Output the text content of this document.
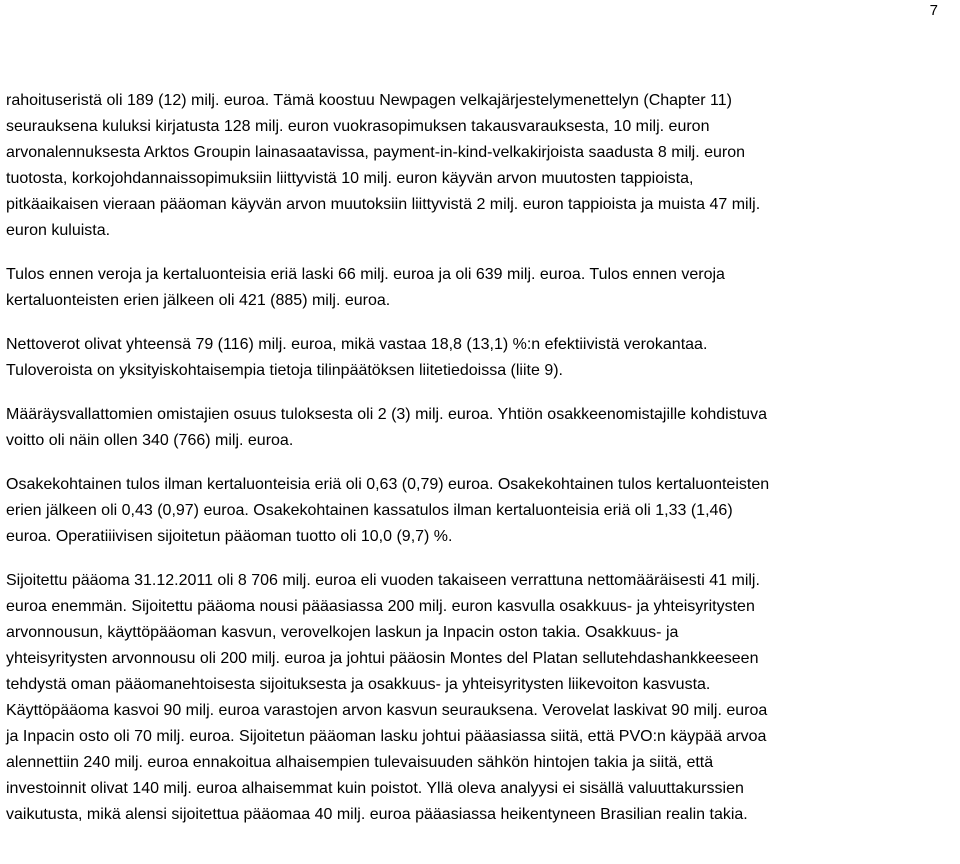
7

rahoituseristä oli 189 (12) milj. euroa. Tämä koostuu Newpagen velkajärjestelymenettelyn (Chapter 11)
seurauksena kuluksi kirjatusta 128 milj. euron vuokrasopimuksen takausvarauksesta, 10 milj. euron
arvonalennuksesta Arktos Groupin lainasaatavissa, payment-in-kind-velkakirjoista saadusta 8 milj. euron
tuotosta, korkojohdannaissopimuksiin liittyvistä 10 milj. euron käyvän arvon muutosten tappioista,
pitkäaikaisen vieraan pääoman käyvän arvon muutoksiin liittyvistä 2 milj. euron tappioista ja muista 47 milj.
euron kuluista.

Tulos ennen veroja ja kertaluonteisia eriä laski 66 milj. euroa ja oli 639 milj. euroa. Tulos ennen veroja
kertaluonteisten erien jälkeen oli 421 (885) milj. euroa.

Nettoverot olivat yhteensä 79 (116) milj. euroa, mikä vastaa 18,8 (13,1) %:n efektiivistä verokantaa.
Tuloveroista on yksityiskohtaisempia tietoja tilinpäätöksen liitetiedoissa (liite 9).

Määräysvallattomien omistajien osuus tuloksesta oli 2 (3) milj. euroa. Yhtiön osakkeenomistajille kohdistuva
voitto oli näin ollen 340 (766) milj. euroa.

Osakekohtainen tulos ilman kertaluonteisia eriä oli 0,63 (0,79) euroa. Osakekohtainen tulos kertaluonteisten
erien jälkeen oli 0,43 (0,97) euroa. Osakekohtainen kassatulos ilman kertaluonteisia eriä oli 1,33 (1,46)
euroa. Operatiiivisen sijoitetun pääoman tuotto oli 10,0 (9,7) %.

Sijoitettu pääoma 31.12.2011 oli 8 706 milj. euroa eli vuoden takaiseen verrattuna nettomääräisesti 41 milj.
euroa enemmän. Sijoitettu pääoma nousi pääasiassa 200 milj. euron kasvulla osakkuus- ja yhteisyritysten
arvonnousun, käyttöpääoman kasvun, verovelkojen laskun ja Inpacin oston takia. Osakkuus- ja
yhteisyritysten arvonnousu oli 200 milj. euroa ja johtui pääosin Montes del Platan sellutehdashankkeeseen
tehdystä oman pääomanehtoisesta sijoituksesta ja osakkuus- ja yhteisyritysten liikevoiton kasvusta.
Käyttöpääoma kasvoi 90 milj. euroa varastojen arvon kasvun seurauksena. Verovelat laskivat 90 milj. euroa
ja Inpacin osto oli 70 milj. euroa. Sijoitetun pääoman lasku johtui pääasiassa siitä, että PVO:n käypää arvoa
alennettiin 240 milj. euroa ennakoitua alhaisempien tulevaisuuden sähkön hintojen takia ja siitä, että
investoinnit olivat 140 milj. euroa alhaisemmat kuin poistot. Yllä oleva analyysi ei sisällä valuuttakurssien
vaikutusta, mikä alensi sijoitettua pääomaa 40 milj. euroa pääasiassa heikentyneen Brasilian realin takia.
